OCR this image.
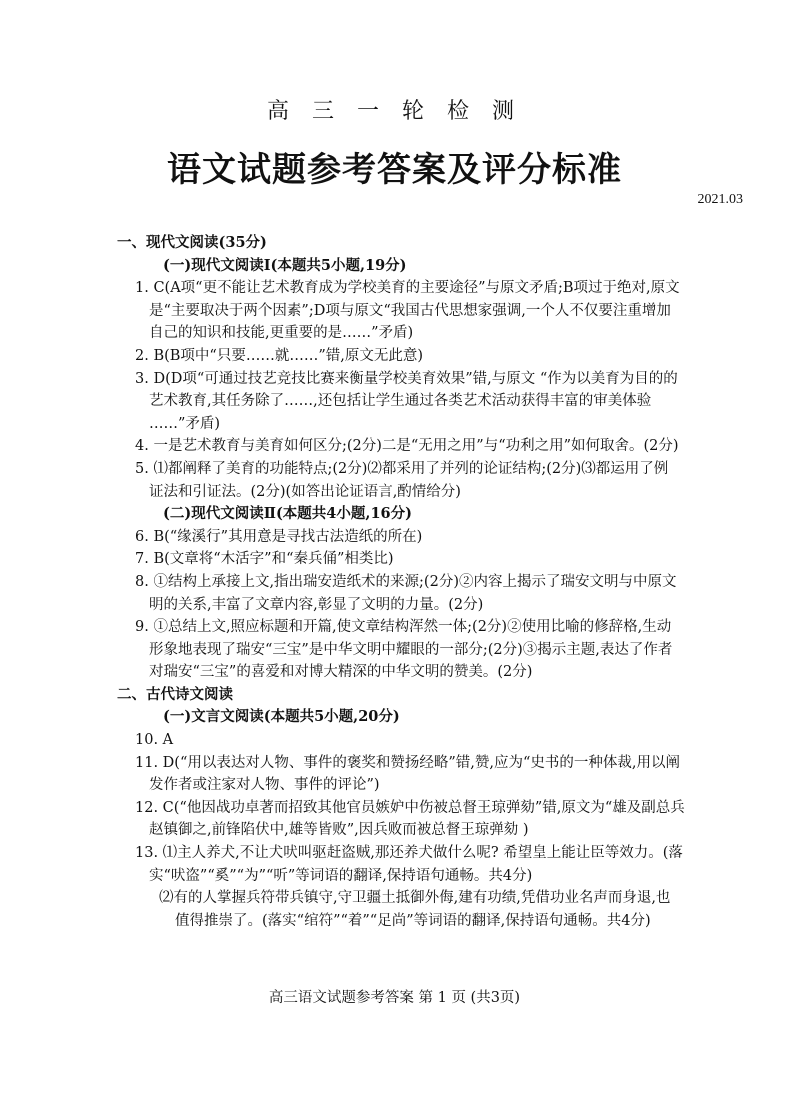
高 三 一 轮 检 测
语文试题参考答案及评分标准
2021.03

一、现代文阅读(35分)

(一)现代文阅读Ⅰ(本题共5小题,19分)

1. C(A项“更不能让艺术教育成为学校美育的主要途径”与原文矛盾;B项过于绝对,原文

是“主要取决于两个因素”;D项与原文“我国古代思想家强调,一个人不仅要注重增加

自己的知识和技能,更重要的是……”矛盾)

2. B(B项中“只要……就……”错,原文无此意)

3. D(D项“可通过技艺竞技比赛来衡量学校美育效果”错,与原文 “作为以美育为目的的

艺术教育,其任务除了……,还包括让学生通过各类艺术活动获得丰富的审美体验

……”矛盾)

4. 一是艺术教育与美育如何区分;(2分)二是“无用之用”与“功利之用”如何取舍。(2分)

5. ⑴都阐释了美育的功能特点;(2分)⑵都采用了并列的论证结构;(2分)⑶都运用了例

证法和引证法。(2分)(如答出论证语言,酌情给分)

(二)现代文阅读Ⅱ(本题共4小题,16分)

6. B(“缘溪行”其用意是寻找古法造纸的所在)

7. B(文章将“木活字”和“秦兵俑”相类比)

8. ①结构上承接上文,指出瑞安造纸术的来源;(2分)②内容上揭示了瑞安文明与中原文

明的关系,丰富了文章内容,彰显了文明的力量。(2分)

9. ①总结上文,照应标题和开篇,使文章结构浑然一体;(2分)②使用比喻的修辞格,生动

形象地表现了瑞安“三宝”是中华文明中耀眼的一部分;(2分)③揭示主题,表达了作者

对瑞安“三宝”的喜爱和对博大精深的中华文明的赞美。(2分)

二、古代诗文阅读

(一)文言文阅读(本题共5小题,20分)

10. A

11. D(“用以表达对人物、事件的褒奖和赞扬经略”错,赞,应为“史书的一种体裁,用以阐

发作者或注家对人物、事件的评论”)

12. C(“他因战功卓著而招致其他官员嫉妒中伤被总督王琼弹劾”错,原文为“雄及副总兵

赵镇御之,前锋陷伏中,雄等皆败”,因兵败而被总督王琼弹劾 )

13. ⑴主人养犬,不让犬吠叫驱赶盗贼,那还养犬做什么呢? 希望皇上能让臣等效力。(落

实“吠盗”“奚”“为”“听”等词语的翻译,保持语句通畅。共4分)

⑵有的人掌握兵符带兵镇守,守卫疆土抵御外侮,建有功绩,凭借功业名声而身退,也

值得推崇了。(落实“绾符”“着”“足尚”等词语的翻译,保持语句通畅。共4分)

高三语文试题参考答案 第 1 页 (共3页)
